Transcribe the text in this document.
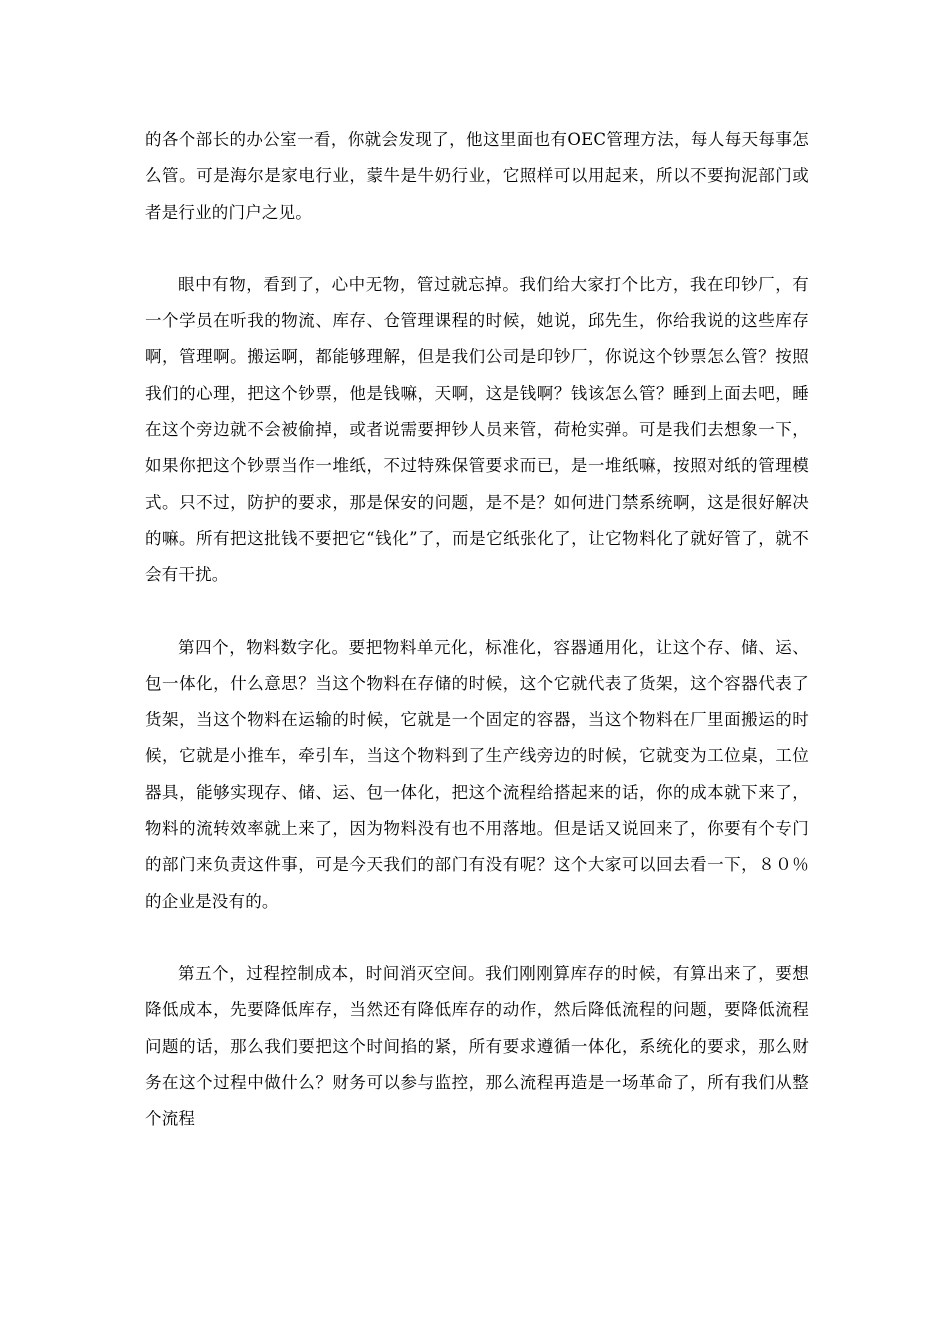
的各个部长的办公室一看，你就会发现了，他这里面也有OEC管理方法，每人每天每事怎么管。可是海尔是家电行业，蒙牛是牛奶行业，它照样可以用起来，所以不要拘泥部门或者是行业的门户之见。

眼中有物，看到了，心中无物，管过就忘掉。我们给大家打个比方，我在印钞厂，有一个学员在听我的物流、库存、仓管理课程的时候，她说，邱先生，你给我说的这些库存啊，管理啊。搬运啊，都能够理解，但是我们公司是印钞厂，你说这个钞票怎么管？按照我们的心理，把这个钞票，他是钱嘛，天啊，这是钱啊？钱该怎么管？睡到上面去吧，睡在这个旁边就不会被偷掉，或者说需要押钞人员来管，荷枪实弹。可是我们去想象一下，如果你把这个钞票当作一堆纸，不过特殊保管要求而已，是一堆纸嘛，按照对纸的管理模式。只不过，防护的要求，那是保安的问题，是不是？如何进门禁系统啊，这是很好解决的嘛。所有把这批钱不要把它“钱化”了，而是它纸张化了，让它物料化了就好管了，就不会有干扰。

第四个，物料数字化。要把物料单元化，标准化，容器通用化，让这个存、储、运、包一体化，什么意思？当这个物料在存储的时候，这个它就代表了货架，这个容器代表了货架，当这个物料在运输的时候，它就是一个固定的容器，当这个物料在厂里面搬运的时候，它就是小推车，牵引车，当这个物料到了生产线旁边的时候，它就变为工位桌，工位器具，能够实现存、储、运、包一体化，把这个流程给搭起来的话，你的成本就下来了，物料的流转效率就上来了，因为物料没有也不用落地。但是话又说回来了，你要有个专门的部门来负责这件事，可是今天我们的部门有没有呢？这个大家可以回去看一下，８０％的企业是没有的。

第五个，过程控制成本，时间消灭空间。我们刚刚算库存的时候，有算出来了，要想降低成本，先要降低库存，当然还有降低库存的动作，然后降低流程的问题，要降低流程问题的话，那么我们要把这个时间掐的紧，所有要求遵循一体化，系统化的要求，那么财务在这个过程中做什么？财务可以参与监控，那么流程再造是一场革命了，所有我们从整个流程
